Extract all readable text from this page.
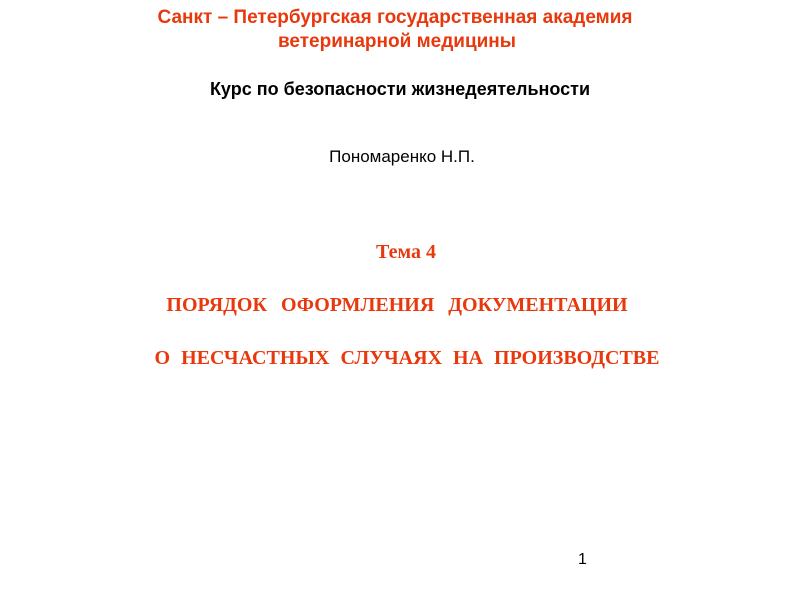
Санкт – Петербургская государственная академия
ветеринарной медицины
Курс по безопасности жизнедеятельности
Пономаренко Н.П.
Тема 4
ПОРЯДОК ОФОРМЛЕНИЯ ДОКУМЕНТАЦИИ
О НЕСЧАСТНЫХ СЛУЧАЯХ НА ПРОИЗВОДСТВЕ
1
